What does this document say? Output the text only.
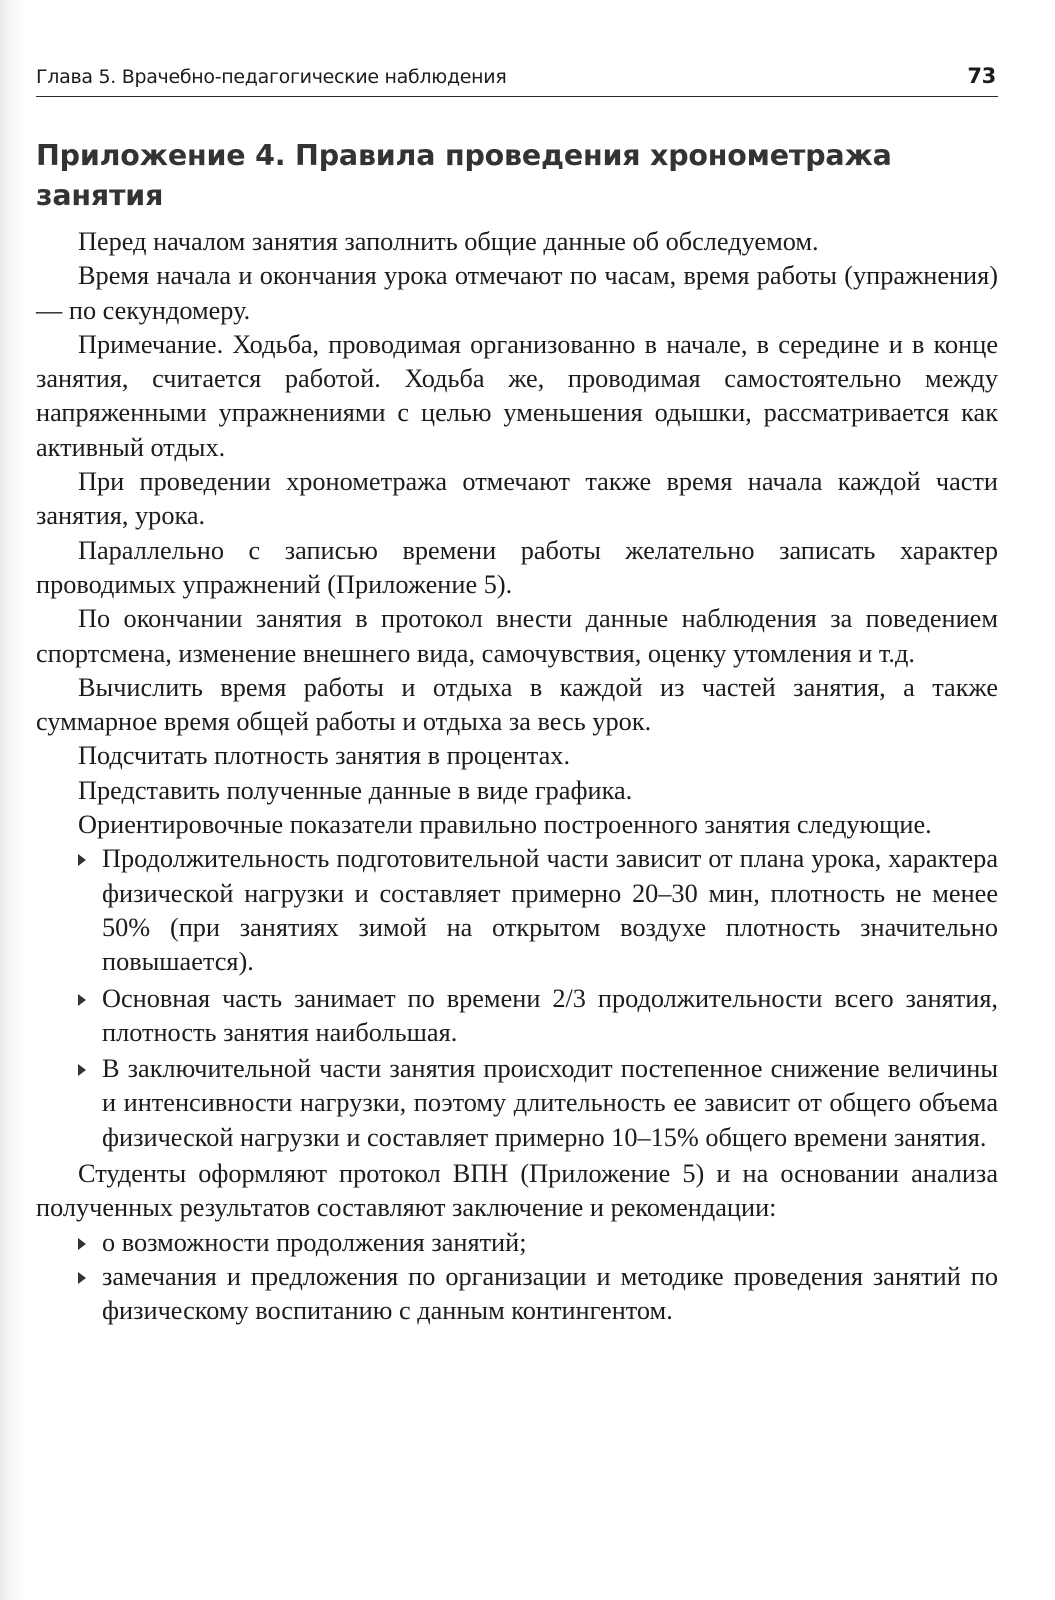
Глава 5. Врачебно-педагогические наблюдения	73
Приложение 4. Правила проведения хронометража занятия

Перед началом занятия заполнить общие данные об обследуемом.

Время начала и окончания урока отмечают по часам, время работы (упражнения) — по секундомеру.

Примечание. Ходьба, проводимая организованно в начале, в середине и в конце занятия, считается работой. Ходьба же, проводимая самостоятельно между напряженными упражнениями с целью уменьшения одышки, рассматривается как активный отдых.

При проведении хронометража отмечают также время начала каждой части занятия, урока.

Параллельно с записью времени работы желательно записать характер проводимых упражнений (Приложение 5).

По окончании занятия в протокол внести данные наблюдения за поведением спортсмена, изменение внешнего вида, самочувствия, оценку утомления и т.д.

Вычислить время работы и отдыха в каждой из частей занятия, а также суммарное время общей работы и отдыха за весь урок.

Подсчитать плотность занятия в процентах.

Представить полученные данные в виде графика.

Ориентировочные показатели правильно построенного занятия следующие.

Продолжительность подготовительной части зависит от плана урока, характера физической нагрузки и составляет примерно 20–30 мин, плотность не менее 50% (при занятиях зимой на открытом воздухе плотность значительно повышается).
Основная часть занимает по времени 2/3 продолжительности всего занятия, плотность занятия наибольшая.
В заключительной части занятия происходит постепенное снижение величины и интенсивности нагрузки, поэтому длительность ее зависит от общего объема физической нагрузки и составляет примерно 10–15% общего времени занятия.

Студенты оформляют протокол ВПН (Приложение 5) и на основании анализа полученных результатов составляют заключение и рекомендации:

о возможности продолжения занятий;
замечания и предложения по организации и методике проведения занятий по физическому воспитанию с данным контингентом.
